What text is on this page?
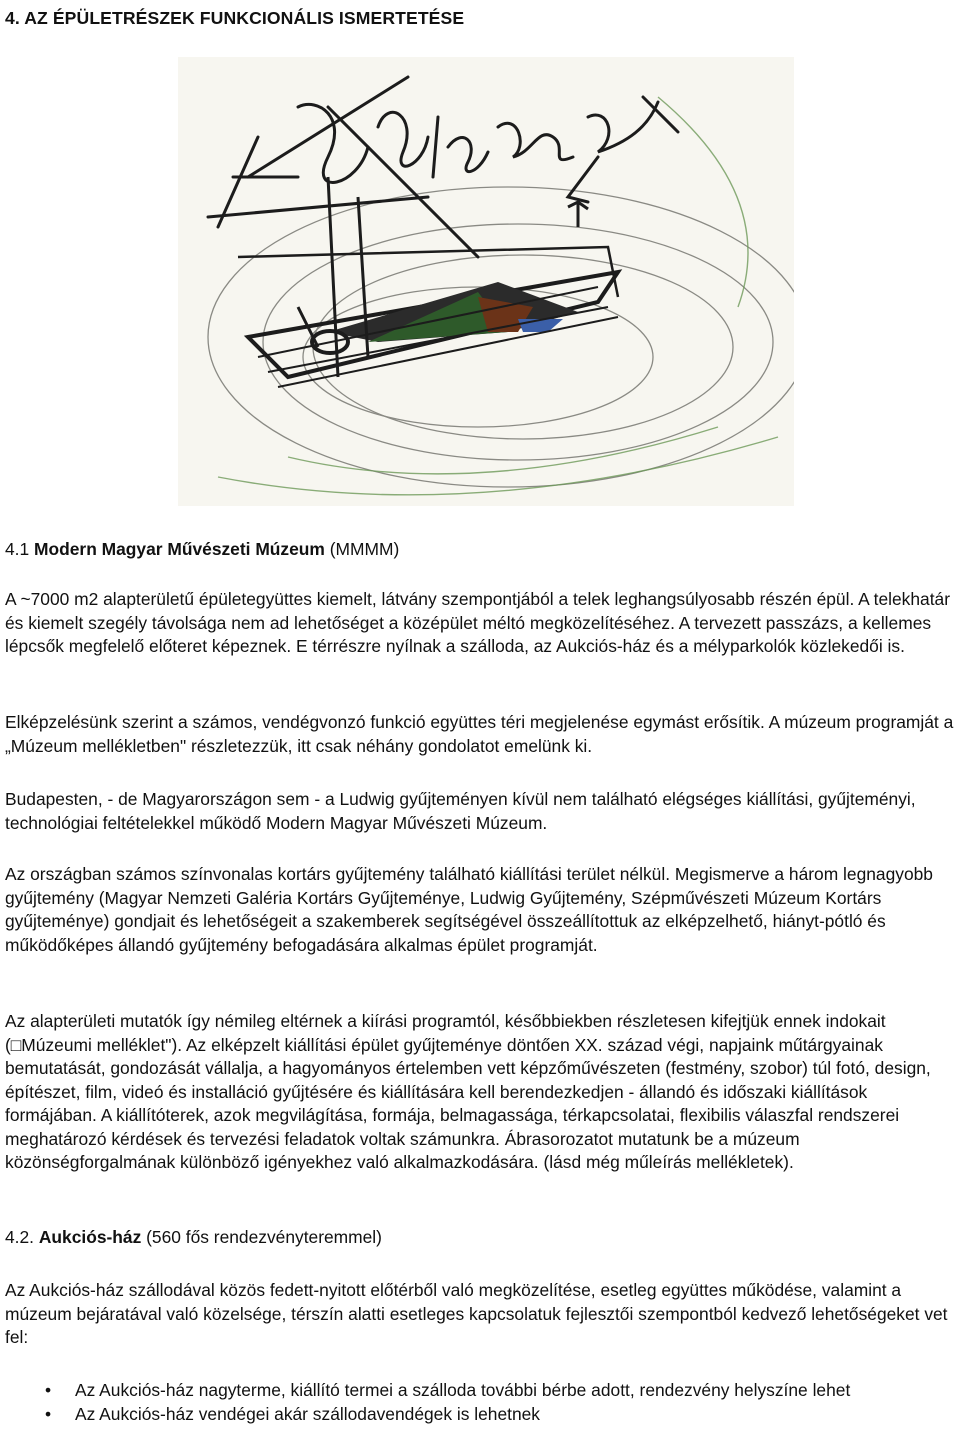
4. AZ ÉPÜLETRÉSZEK FUNKCIONÁLIS ISMERTETÉSE

4.1 Modern Magyar Művészeti Múzeum (MMMM)

A ~7000 m2 alapterületű épületegyüttes kiemelt, látvány szempontjából a telek leghangsúlyosabb részén épül. A telekhatár és kiemelt szegély távolsága nem ad lehetőséget a középület méltó megközelítéséhez. A tervezett passzázs, a kellemes lépcsők megfelelő előteret képeznek. E térrészre nyílnak a szálloda, az Aukciós-ház és a mélyparkolók közlekedői is.

Elképzelésünk szerint a számos, vendégvonzó funkció együttes téri megjelenése egymást erősítik. A múzeum programját a „Múzeum mellékletben" részletezzük, itt csak néhány gondolatot emelünk ki.

Budapesten, - de Magyarországon sem - a Ludwig gyűjteményen kívül nem található elégséges kiállítási, gyűjteményi, technológiai feltételekkel működő Modern Magyar Művészeti Múzeum.

Az országban számos színvonalas kortárs gyűjtemény található kiállítási terület nélkül. Megismerve a három legnagyobb gyűjtemény (Magyar Nemzeti Galéria Kortárs Gyűjteménye, Ludwig Gyűjtemény, Szépművészeti Múzeum Kortárs gyűjteménye) gondjait és lehetőségeit a szakemberek segítségével összeállítottuk az elképzelhető, hiányt-pótló és működőképes állandó gyűjtemény befogadására alkalmas épület programját.

Az alapterületi mutatók így némileg eltérnek a kiírási programtól, későbbiekben részletesen kifejtjük ennek indokait (□Múzeumi melléklet"). Az elképzelt kiállítási épület gyűjteménye döntően XX. század végi, napjaink műtárgyainak bemutatását, gondozását vállalja, a hagyományos értelemben vett képzőművészeten (festmény, szobor) túl fotó, design, építészet, film, videó és installáció gyűjtésére és kiállítására kell berendezkedjen - állandó és időszaki kiállítások formájában. A kiállítóterek, azok megvilágítása, formája, belmagassága, térkapcsolatai, flexibilis válaszfal rendszerei meghatározó kérdések és tervezési feladatok voltak számunkra. Ábrasorozatot mutatunk be a múzeum közönségforgalmának különböző igényekhez való alkalmazkodására. (lásd még műleírás mellékletek).

4.2. Aukciós-ház (560 fős rendezvényteremmel)

Az Aukciós-ház szállodával közös fedett-nyitott előtérből való megközelítése, esetleg együttes működése, valamint a múzeum bejáratával való közelsége, térszín alatti esetleges kapcsolatuk fejlesztői szempontból kedvező lehetőségeket vet fel:

• Az Aukciós-ház nagyterme, kiállító termei a szálloda további bérbe adott, rendezvény helyszíne lehet
• Az Aukciós-ház vendégei akár szállodavendégek is lehetnek
